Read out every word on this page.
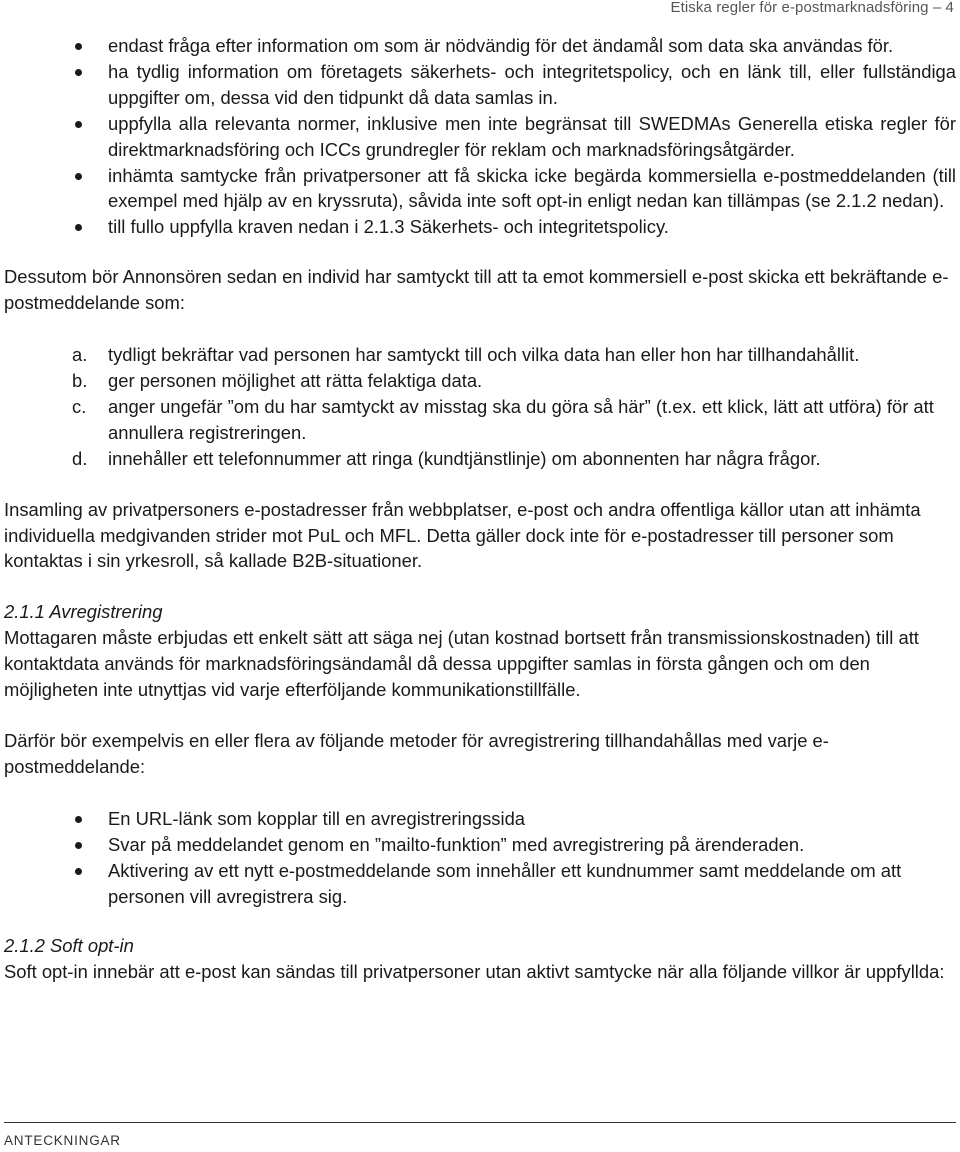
Etiska regler för e-postmarknadsföring – 4
endast fråga efter information om som är nödvändig för det ändamål som data ska användas för.
ha tydlig information om företagets säkerhets- och integritetspolicy, och en länk till, eller fullständiga uppgifter om, dessa vid den tidpunkt då data samlas in.
uppfylla alla relevanta normer, inklusive men inte begränsat till SWEDMAs Generella etiska regler för direktmarknadsföring och ICCs grundregler för reklam och marknadsföringsåtgärder.
inhämta samtycke från privatpersoner att få skicka icke begärda kommersiella e-postmeddelanden (till exempel med hjälp av en kryssruta), såvida inte soft opt-in enligt nedan kan tillämpas (se 2.1.2 nedan).
till fullo uppfylla kraven nedan i 2.1.3 Säkerhets- och integritetspolicy.

Dessutom bör Annonsören sedan en individ har samtyckt till att ta emot kommersiell e-post skicka ett bekräftande e-postmeddelande som:

a. tydligt bekräftar vad personen har samtyckt till och vilka data han eller hon har tillhandahållit.
b. ger personen möjlighet att rätta felaktiga data.
c. anger ungefär ”om du har samtyckt av misstag ska du göra så här” (t.ex. ett klick, lätt att utföra) för att annullera registreringen.
d. innehåller ett telefonnummer att ringa (kundtjänstlinje) om abonnenten har några frågor.

Insamling av privatpersoners e-postadresser från webbplatser, e-post och andra offentliga källor utan att inhämta individuella medgivanden strider mot PuL och MFL. Detta gäller dock inte för e-postadresser till personer som kontaktas i sin yrkesroll, så kallade B2B-situationer.

2.1.1 Avregistrering

Mottagaren måste erbjudas ett enkelt sätt att säga nej (utan kostnad bortsett från transmissionskostnaden) till att kontaktdata används för marknadsföringsändamål då dessa uppgifter samlas in första gången och om den möjligheten inte utnyttjas vid varje efterföljande kommunikationstillfälle.

Därför bör exempelvis en eller flera av följande metoder för avregistrering tillhandahållas med varje e-postmeddelande:

En URL-länk som kopplar till en avregistreringssida
Svar på meddelandet genom en ”mailto-funktion” med avregistrering på ärenderaden.
Aktivering av ett nytt e-postmeddelande som innehåller ett kundnummer samt meddelande om att personen vill avregistrera sig.
2.1.2 Soft opt-in

Soft opt-in innebär att e-post kan sändas till privatpersoner utan aktivt samtycke när alla följande villkor är uppfyllda:

ANTECKNINGAR
